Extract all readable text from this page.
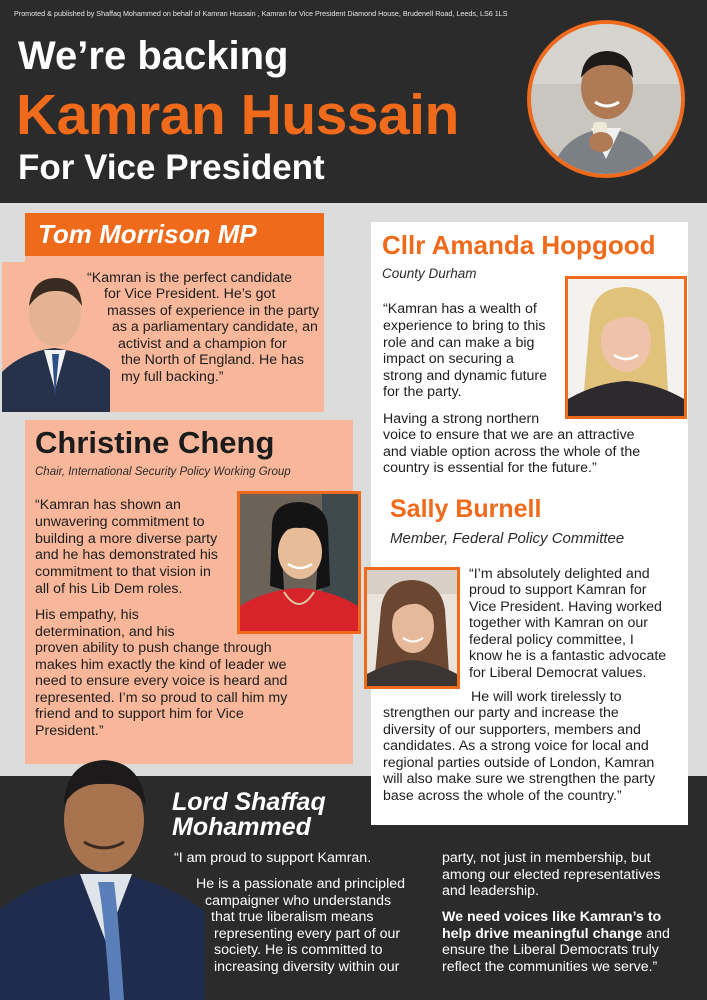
Promoted & published by Shaffaq Mohammed on behalf of Kamran Hussain , Kamran for Vice President Diamond House, Brudenell Road, Leeds, LS6 1LS
We’re backing
Kamran Hussain
For Vice President
Tom Morrison MP
“Kamran is the perfect candidate
for Vice President. He’s got
masses of experience in the party
as a parliamentary candidate, an
activist and a champion for
the North of England. He has
my full backing.”
Christine Cheng
Chair, International Security Policy Working Group
“Kamran has shown an
unwavering commitment to
building a more diverse party
and he has demonstrated his
commitment to that vision in
all of his Lib Dem roles.
His empathy, his
determination, and his
proven ability to push change through
makes him exactly the kind of leader we
need to ensure every voice is heard and
represented. I’m so proud to call him my
friend and to support him for Vice
President.”
Cllr Amanda Hopgood
County Durham
“Kamran has a wealth of
experience to bring to this
role and can make a big
impact on securing a
strong and dynamic future
for the party.
Having a strong northern
voice to ensure that we are an attractive
and viable option across the whole of the
country is essential for the future.”
Sally Burnell
Member, Federal Policy Committee
“I’m absolutely delighted and
proud to support Kamran for
Vice President. Having worked
together with Kamran on our
federal policy committee, I
know he is a fantastic advocate
for Liberal Democrat values.
He will work tirelessly to
strengthen our party and increase the
diversity of our supporters, members and
candidates. As a strong voice for local and
regional parties outside of London, Kamran
will also make sure we strengthen the party
base across the whole of the country.”
Lord Shaffaq
Mohammed
“I am proud to support Kamran.
He is a passionate and principled
campaigner who understands
that true liberalism means
representing every part of our
society. He is committed to
increasing diversity within our
party, not just in membership, but
among our elected representatives
and leadership.
We need voices like Kamran’s to
help drive meaningful change and
ensure the Liberal Democrats truly
reflect the communities we serve.”
